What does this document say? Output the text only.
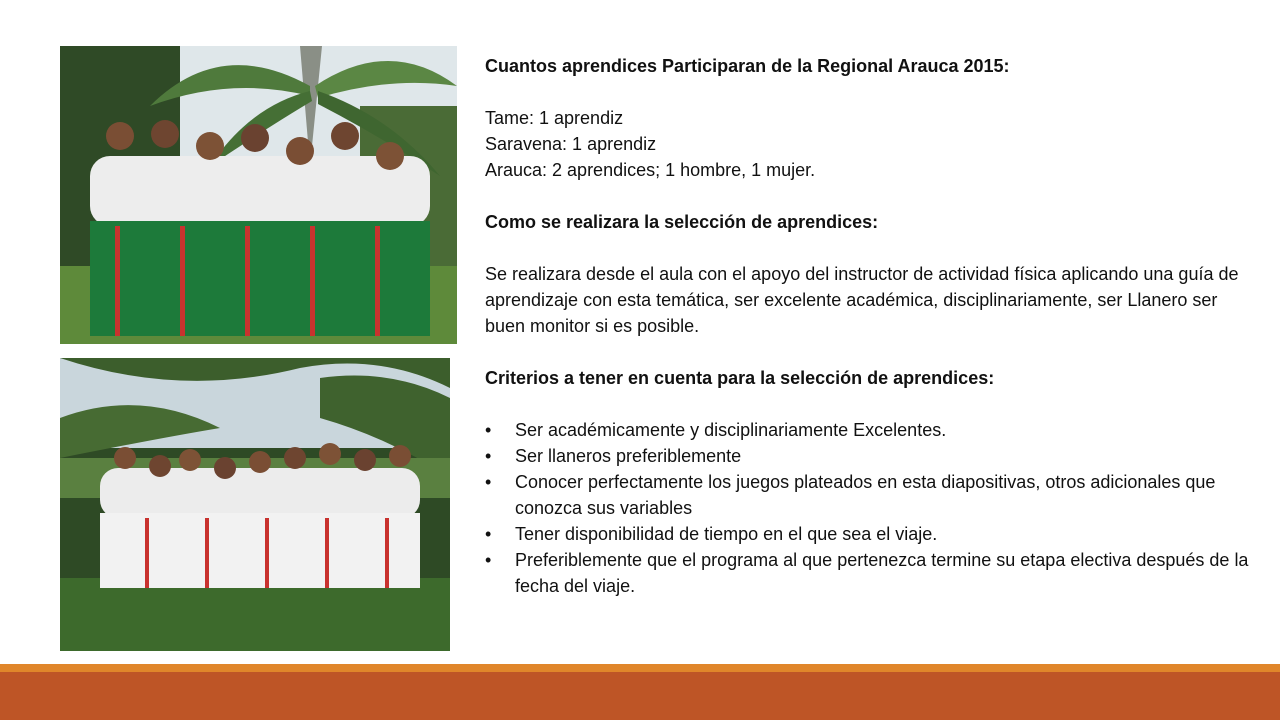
Cuantos aprendices Participaran de la Regional Arauca 2015:

Tame: 1 aprendiz

Saravena: 1 aprendiz

Arauca: 2 aprendices; 1 hombre, 1 mujer.

Como se realizara la selección de aprendices:

Se realizara desde el aula con el apoyo del instructor de actividad física aplicando una guía de aprendizaje con esta temática, ser excelente académica, disciplinariamente, ser Llanero ser buen monitor si es posible.

Criterios a tener en cuenta para la selección de aprendices:

• Ser académicamente y disciplinariamente Excelentes.
• Ser llaneros preferiblemente
• Conocer perfectamente los juegos plateados en esta diapositivas, otros adicionales que conozca sus variables
• Tener disponibilidad de tiempo en el que sea el viaje.
• Preferiblemente que el programa al que pertenezca termine su etapa electiva después de la fecha del viaje.
